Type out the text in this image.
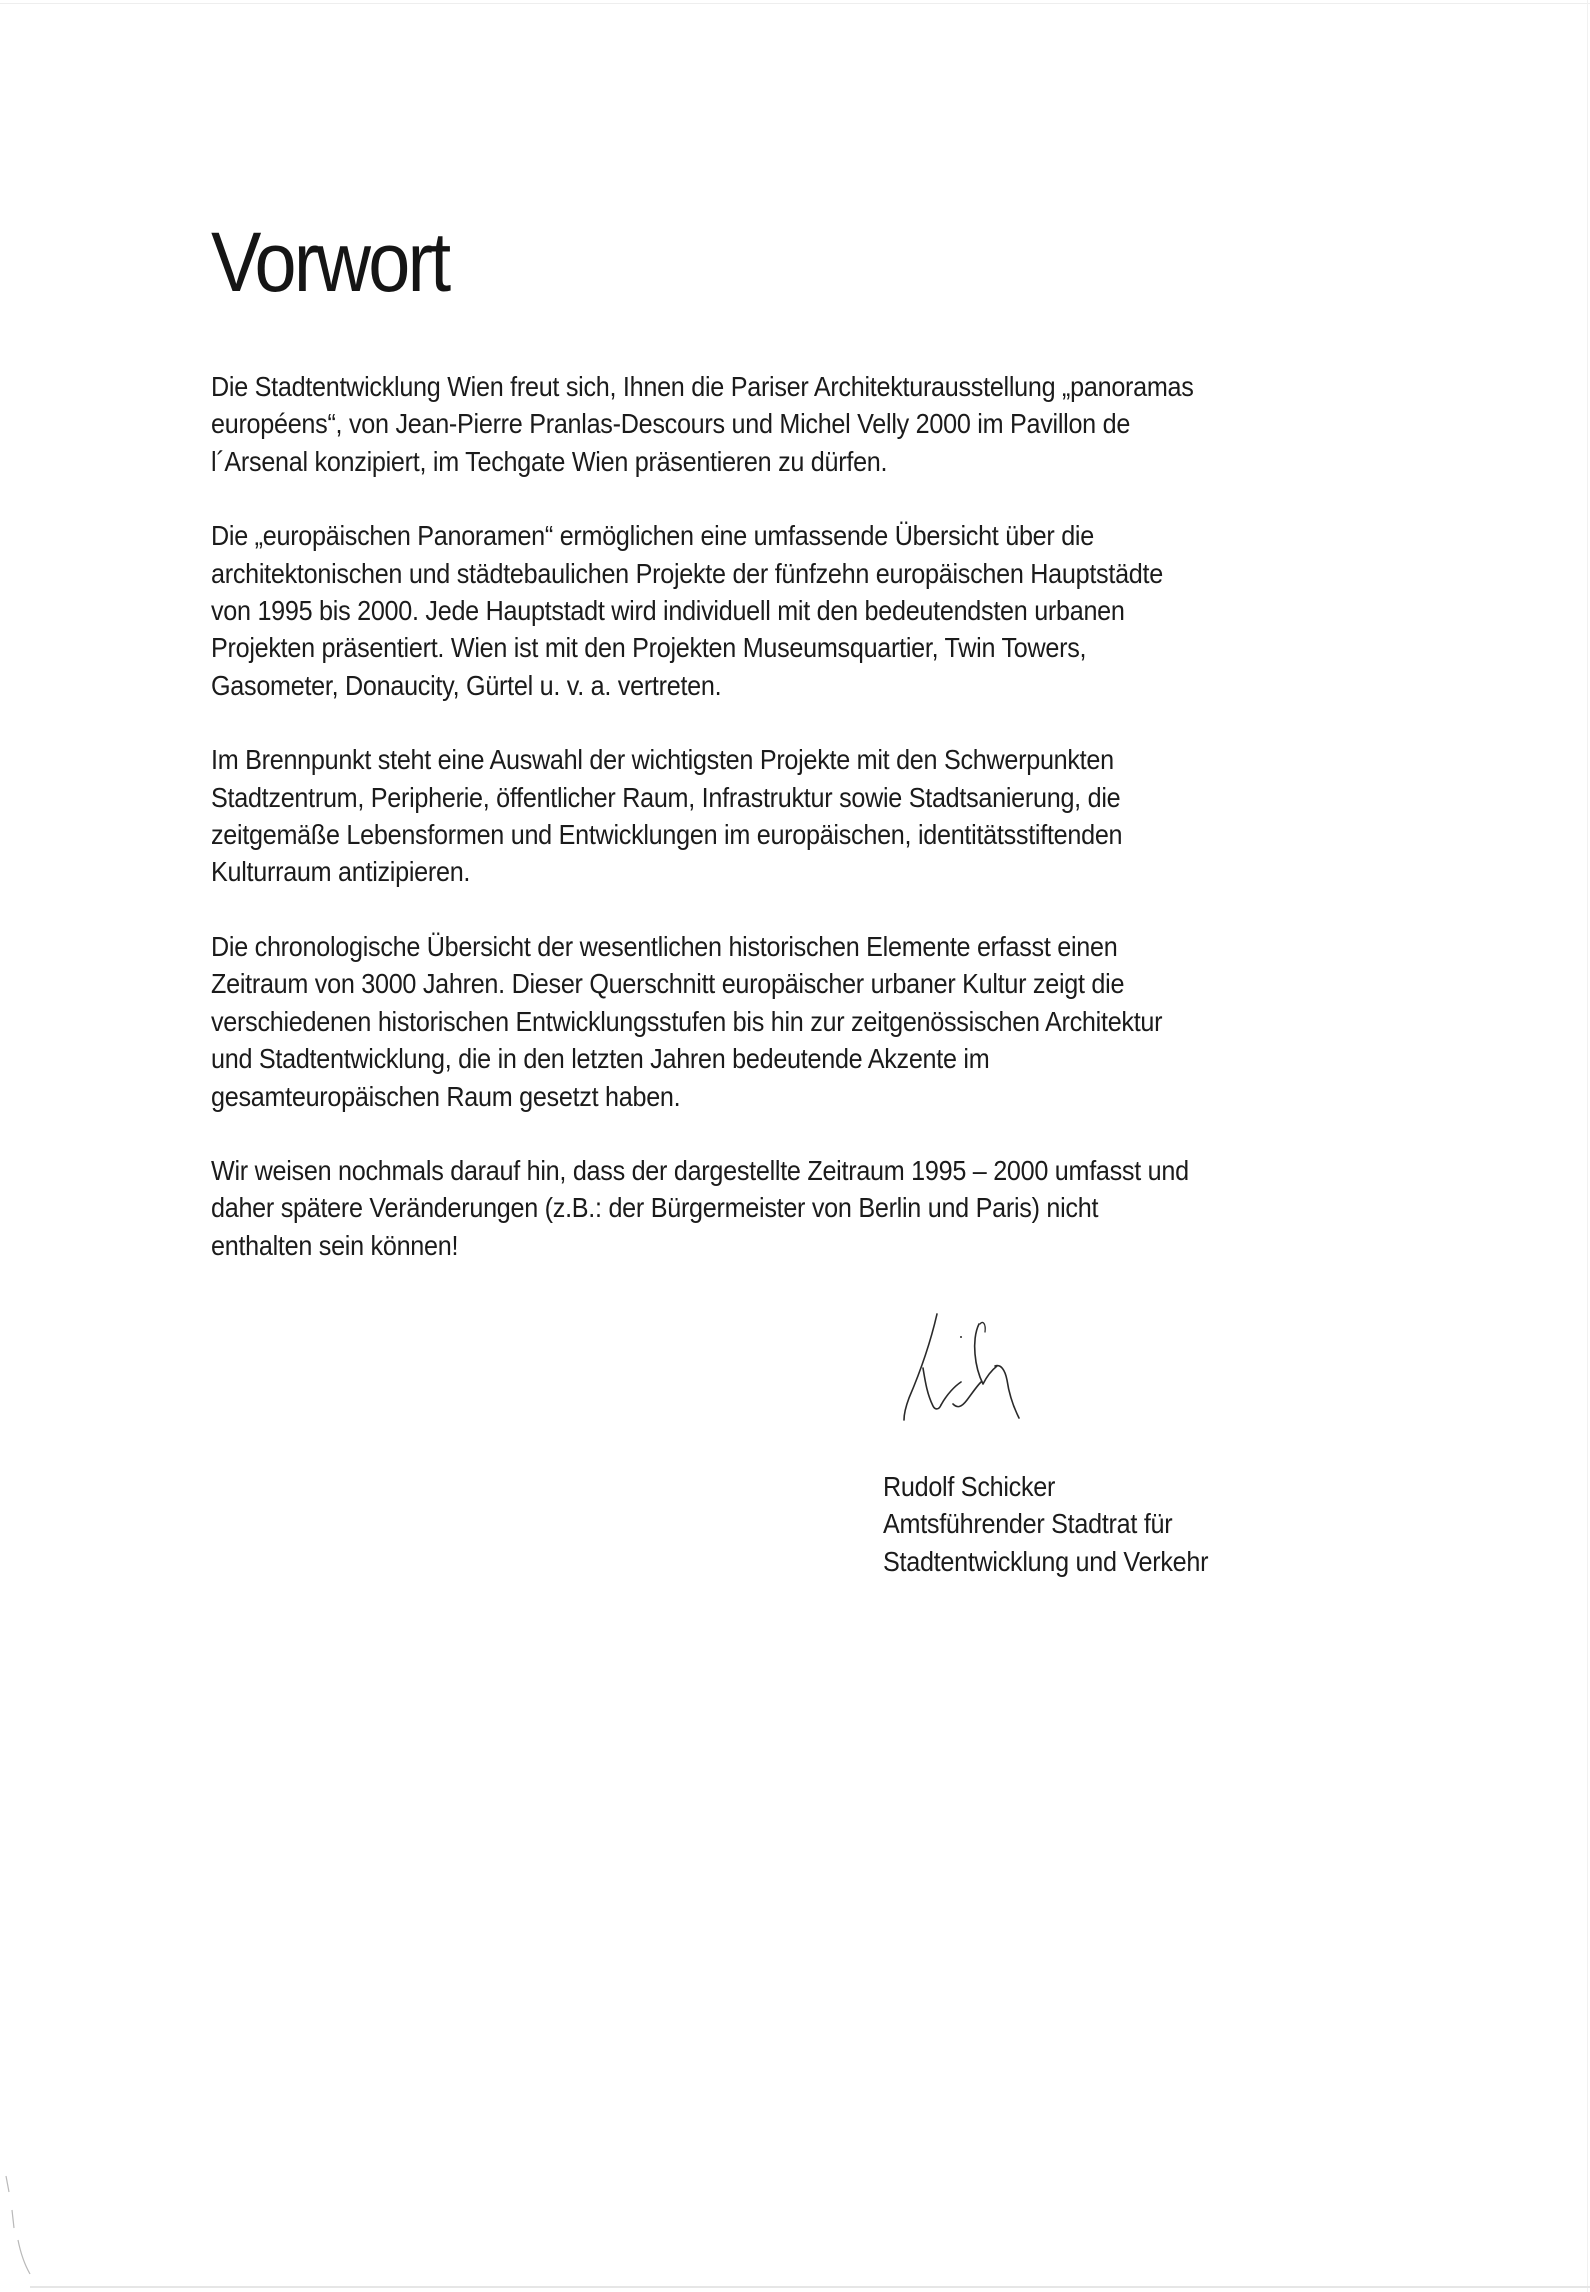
Vorwort

Die Stadtentwicklung Wien freut sich, Ihnen die Pariser Architekturausstellung „panoramas
européens“, von Jean-Pierre Pranlas-Descours und Michel Velly 2000 im Pavillon de
l´Arsenal konzipiert, im Techgate Wien präsentieren zu dürfen.

Die „europäischen Panoramen“ ermöglichen eine umfassende Übersicht über die
architektonischen und städtebaulichen Projekte der fünfzehn europäischen Hauptstädte
von 1995 bis 2000. Jede Hauptstadt wird individuell mit den bedeutendsten urbanen
Projekten präsentiert. Wien ist mit den Projekten Museumsquartier, Twin Towers,
Gasometer, Donaucity, Gürtel u. v. a. vertreten.

Im Brennpunkt steht eine Auswahl der wichtigsten Projekte mit den Schwerpunkten
Stadtzentrum, Peripherie, öffentlicher Raum, Infrastruktur sowie Stadtsanierung, die
zeitgemäße Lebensformen und Entwicklungen im europäischen, identitätsstiftenden
Kulturraum antizipieren.

Die chronologische Übersicht der wesentlichen historischen Elemente erfasst einen
Zeitraum von 3000 Jahren. Dieser Querschnitt europäischer urbaner Kultur zeigt die
verschiedenen historischen Entwicklungsstufen bis hin zur zeitgenössischen Architektur
und Stadtentwicklung, die in den letzten Jahren bedeutende Akzente im
gesamteuropäischen Raum gesetzt haben.

Wir weisen nochmals darauf hin, dass der dargestellte Zeitraum 1995 – 2000 umfasst und
daher spätere Veränderungen (z.B.: der Bürgermeister von Berlin und Paris) nicht
enthalten sein können!

Rudolf Schicker
Amtsführender Stadtrat für
Stadtentwicklung und Verkehr
